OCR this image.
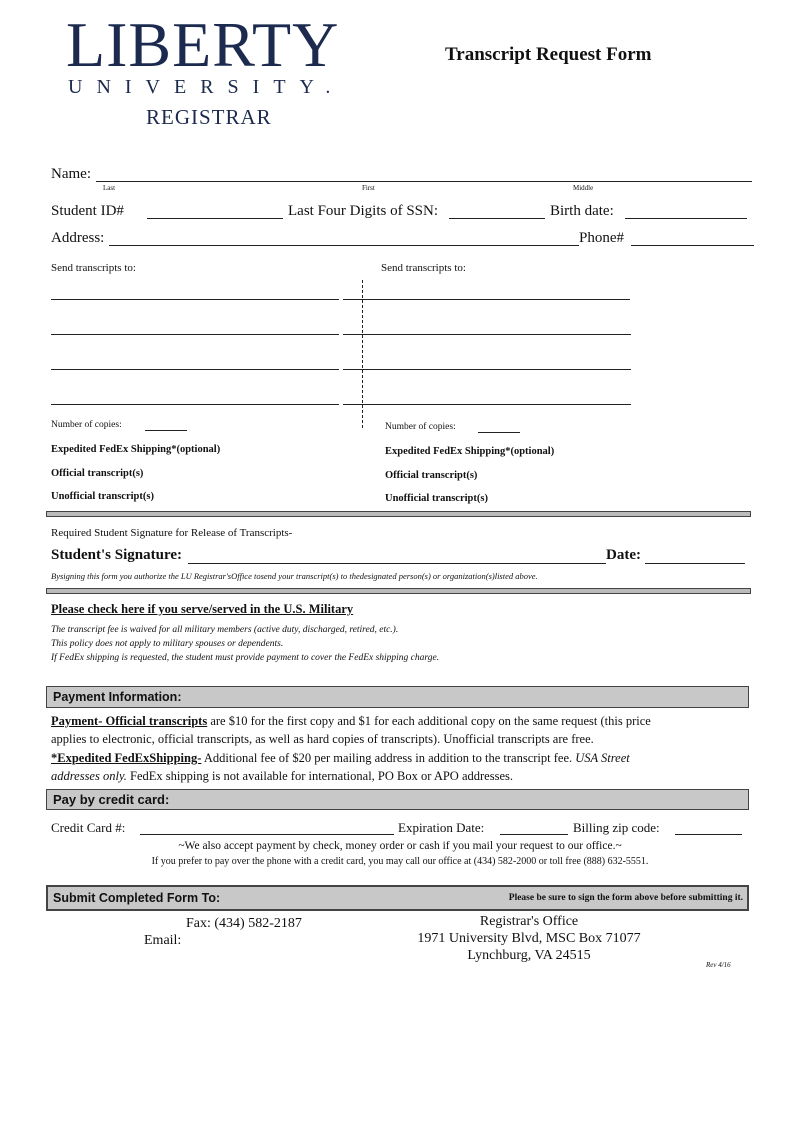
LIBERTY
UNIVERSITY.
REGISTRAR
Transcript Request Form
Name:
Last	First	Middle
Student ID#	Last Four Digits of SSN:	Birth date:
Address:	Phone#
Send transcripts to:	Send transcripts to:
Number of copies:
Expedited FedEx Shipping*(optional)
Official transcript(s)
Unofficial transcript(s)
Number of copies:
Expedited FedEx Shipping*(optional)
Official transcript(s)
Unofficial transcript(s)
Required Student Signature for Release of Transcripts-
Student's Signature:	Date:
Bysigning this form you authorize the LU Registrar'sOffice tosend your transcript(s) to thedesignated person(s) or organization(s)listed above.
Please check here if you serve/served in the U.S. Military
The transcript fee is waived for all military members (active duty, discharged, retired, etc.).
This policy does not apply to military spouses or dependents.
If FedEx shipping is requested, the student must provide payment to cover the FedEx shipping charge.
Payment Information:
Payment- Official transcripts are $10 for the first copy and $1 for each additional copy on the same request (this price
applies to electronic, official transcripts, as well as hard copies of transcripts). Unofficial transcripts are free.
*Expedited FedExShipping- Additional fee of $20 per mailing address in addition to the transcript fee. USA Street
addresses only. FedEx shipping is not available for international, PO Box or APO addresses.
Pay by credit card:
Credit Card #:	Expiration Date:	Billing zip code:
~We also accept payment by check, money order or cash if you mail your request to our office.~
If you prefer to pay over the phone with a credit card, you may call our office at (434) 582-2000 or toll free (888) 632-5551.
Submit Completed Form To:	Please be sure to sign the form above before submitting it.
Fax: (434) 582-2187
Email:
Registrar's Office
1971 University Blvd, MSC Box 71077
Lynchburg, VA 24515
Rev 4/16
